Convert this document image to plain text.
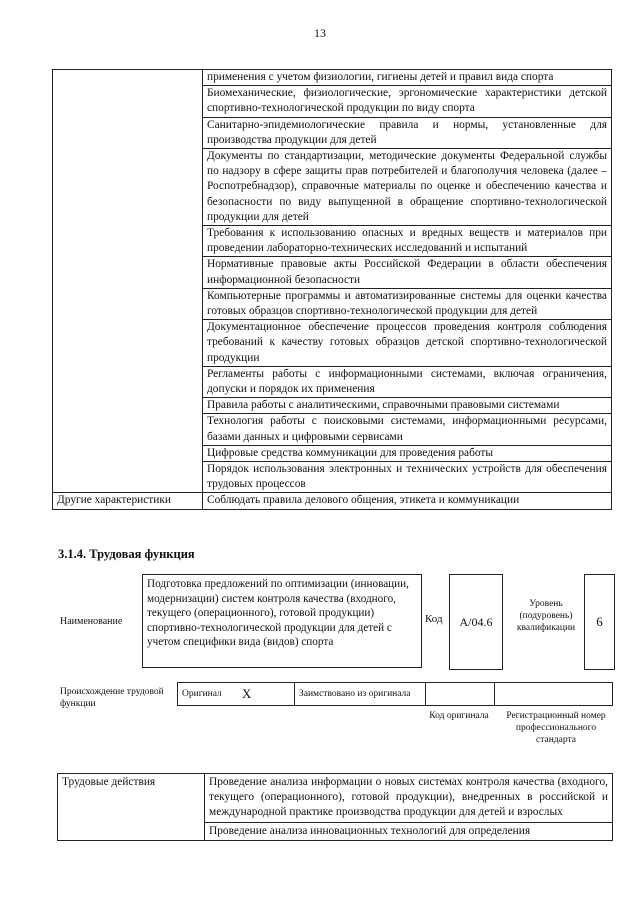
13
	применения с учетом физиологии, гигиены детей и правил вида спорта
	Биомеханические, физиологические, эргономические характеристики детской спортивно-технологической продукции по виду спорта
	Санитарно-эпидемиологические правила и нормы, установленные для производства продукции для детей
	Документы по стандартизации, методические документы Федеральной службы по надзору в сфере защиты прав потребителей и благополучия человека (далее – Роспотребнадзор), справочные материалы по оценке и обеспечению качества и безопасности по виду выпущенной в обращение спортивно-технологической продукции для детей
	Требования к использованию опасных и вредных веществ и материалов при проведении лабораторно-технических исследований и испытаний
	Нормативные правовые акты Российской Федерации в области обеспечения информационной безопасности
	Компьютерные программы и автоматизированные системы для оценки качества готовых образцов спортивно-технологической продукции для детей
	Документационное обеспечение процессов проведения контроля соблюдения требований к качеству готовых образцов детской спортивно-технологической продукции
	Регламенты работы с информационными системами, включая ограничения, допуски и порядок их применения
	Правила работы с аналитическими, справочными правовыми системами
	Технология работы с поисковыми системами, информационными ресурсами, базами данных и цифровыми сервисами
	Цифровые средства коммуникации для проведения работы
	Порядок использования электронных и технических устройств для обеспечения трудовых процессов
Другие характеристики	Соблюдать правила делового общения, этикета и коммуникации
3.1.4. Трудовая функция
Наименование
Подготовка предложений по оптимизации (инновации, модернизации) систем контроля качества (входного, текущего (операционного), готовой продукции) спортивно-технологической продукции для детей с учетом специфики вида (видов) спорта
Код A/04.6
Уровень (подуровень) квалификации	6
Происхождение трудовой функции
Оригинал	X	Заимствовано из оригинала		
Код оригинала	Регистрационный номер профессионального стандарта
Трудовые действия	Проведение анализа информации о новых системах контроля качества (входного, текущего (операционного), готовой продукции), внедренных в российской и международной практике производства продукции для детей и взрослых
Проведение анализа инновационных технологий для определения
